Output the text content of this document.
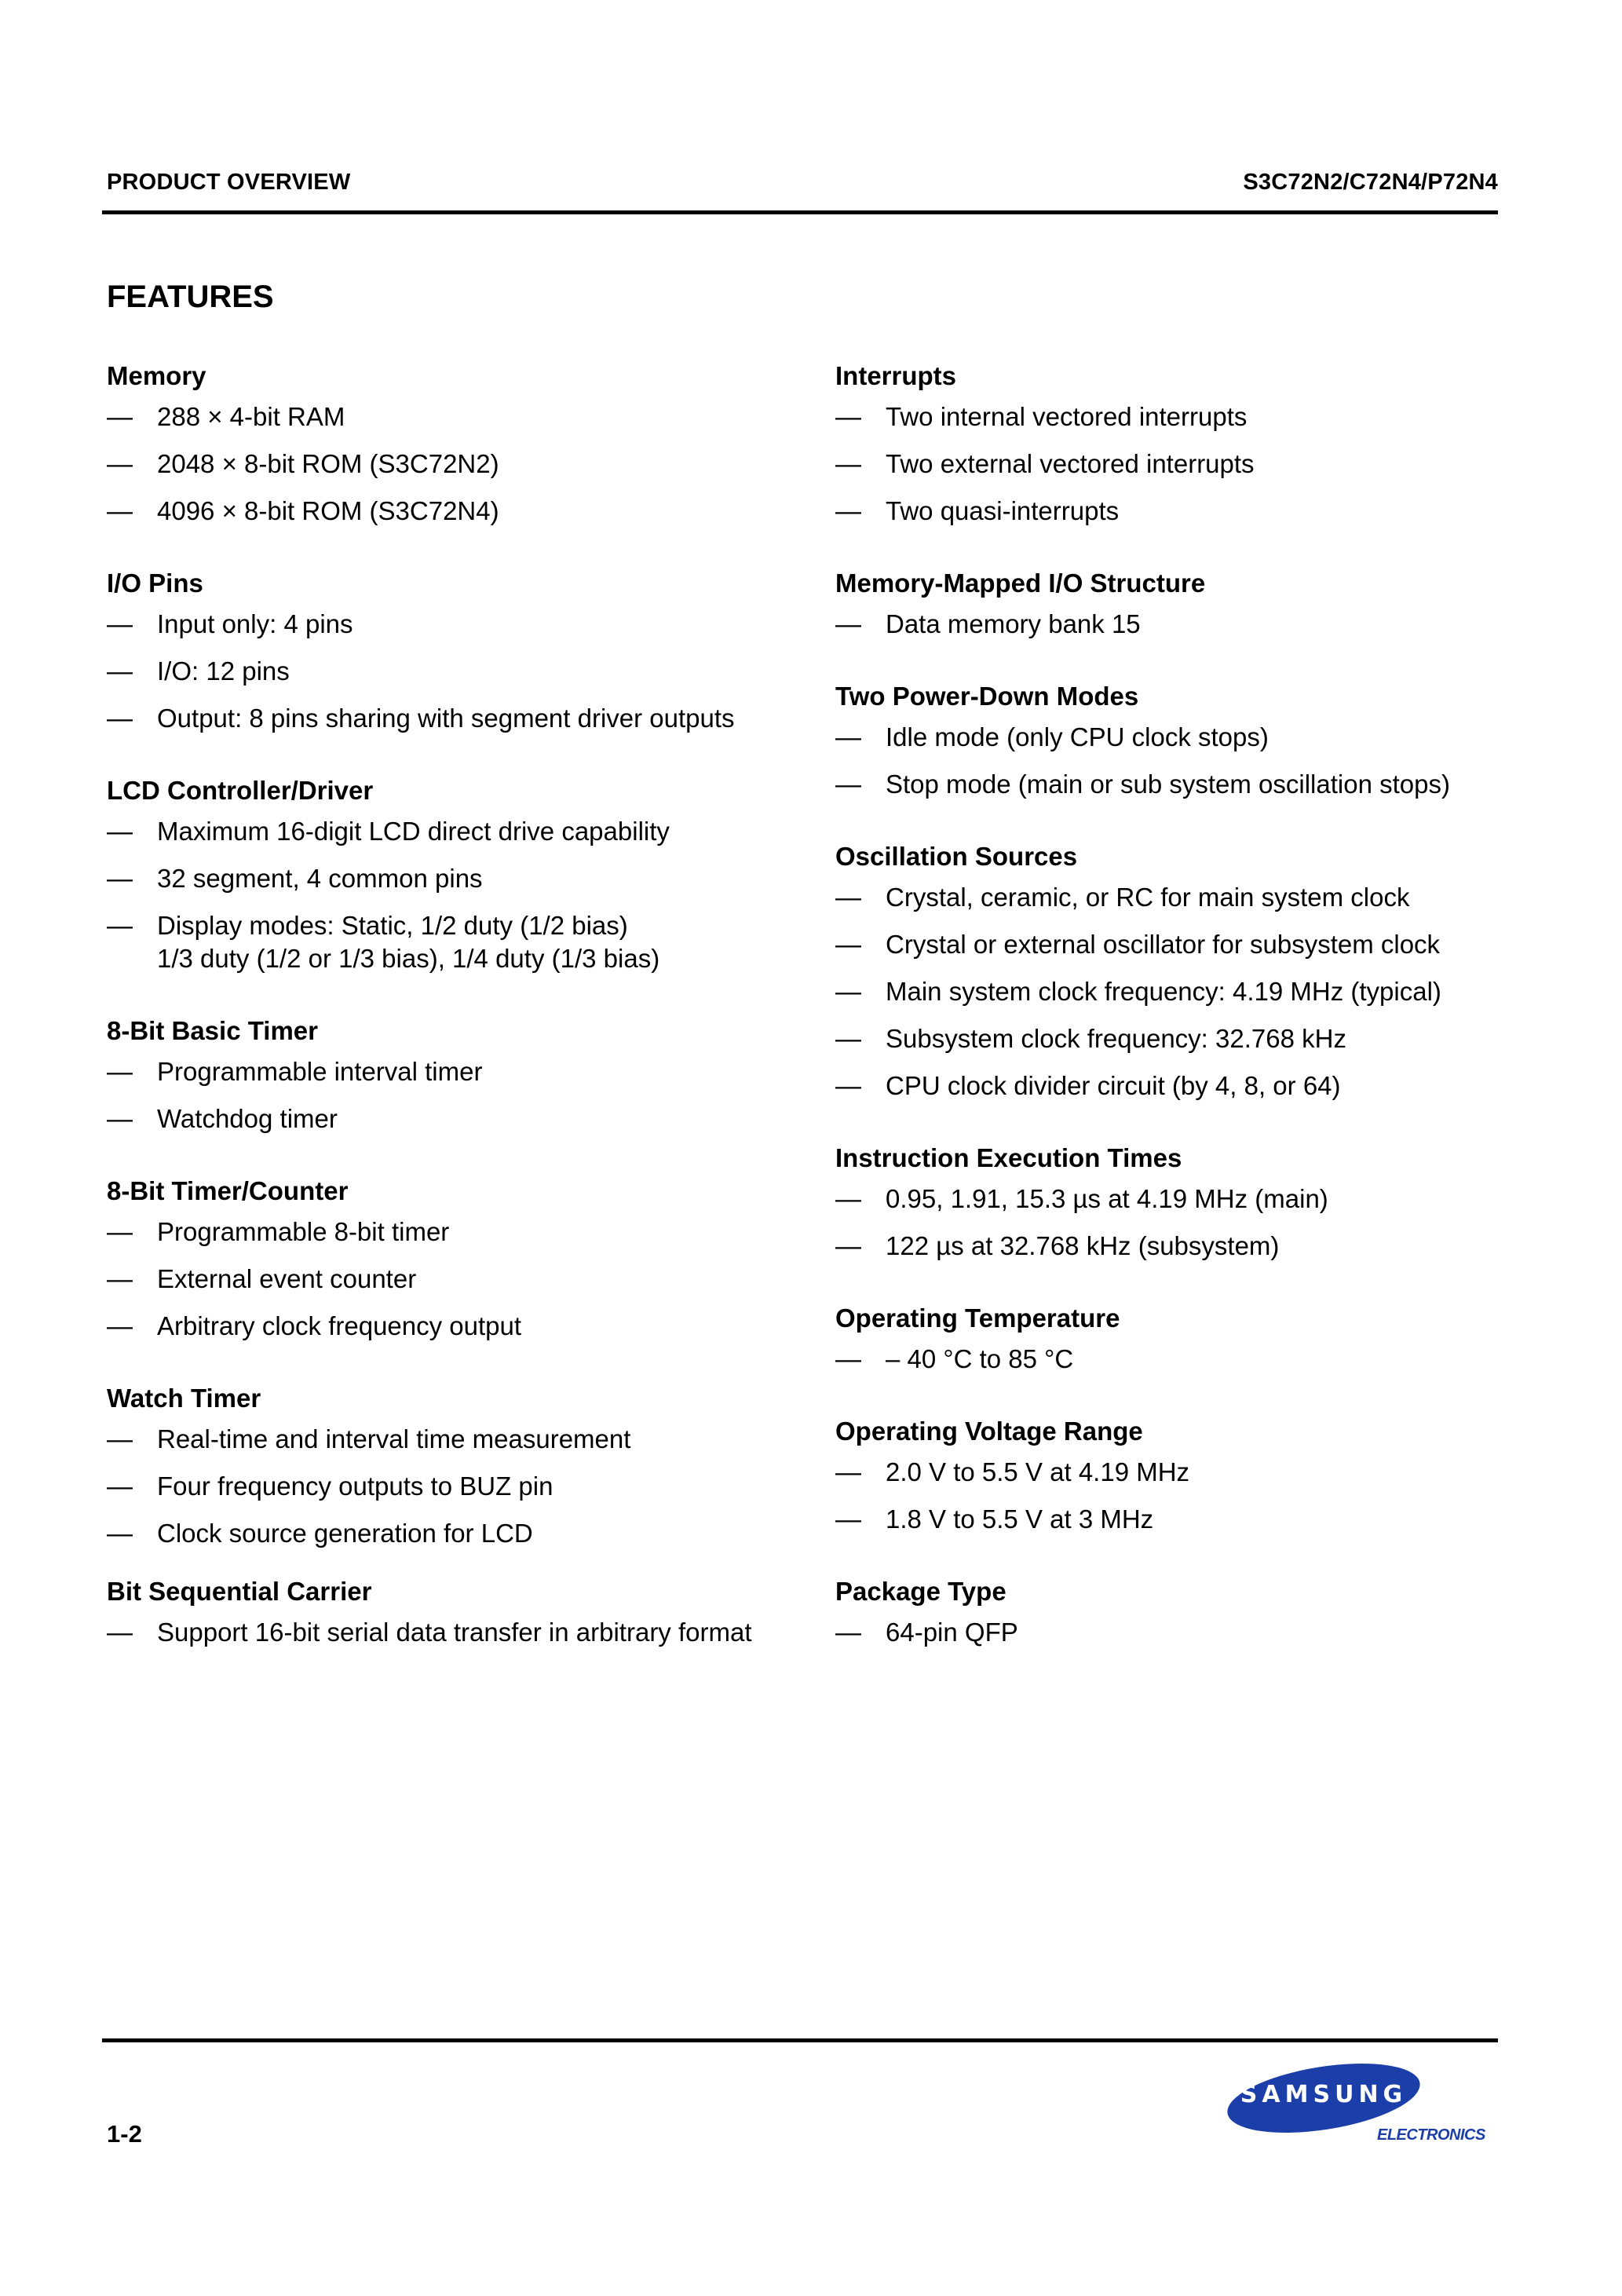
PRODUCT OVERVIEW	S3C72N2/C72N4/P72N4
FEATURES
Memory
— 288 × 4-bit RAM
— 2048 × 8-bit ROM (S3C72N2)
— 4096 × 8-bit ROM (S3C72N4)
I/O Pins
— Input only: 4 pins
— I/O: 12 pins
— Output: 8 pins sharing with segment driver outputs
LCD Controller/Driver
— Maximum 16-digit LCD direct drive capability
— 32 segment, 4 common pins
— Display modes: Static, 1/2 duty (1/2 bias)
1/3 duty (1/2 or 1/3 bias), 1/4 duty (1/3 bias)
8-Bit Basic Timer
— Programmable interval timer
— Watchdog timer
8-Bit Timer/Counter
— Programmable 8-bit timer
— External event counter
— Arbitrary clock frequency output
Watch Timer
— Real-time and interval time measurement
— Four frequency outputs to BUZ pin
— Clock source generation for LCD
Bit Sequential Carrier
— Support 16-bit serial data transfer in arbitrary format
Interrupts
— Two internal vectored interrupts
— Two external vectored interrupts
— Two quasi-interrupts
Memory-Mapped I/O Structure
— Data memory bank 15
Two Power-Down Modes
— Idle mode (only CPU clock stops)
— Stop mode (main or sub system oscillation stops)
Oscillation Sources
— Crystal, ceramic, or RC for main system clock
— Crystal or external oscillator for subsystem clock
— Main system clock frequency: 4.19 MHz (typical)
— Subsystem clock frequency: 32.768 kHz
— CPU clock divider circuit (by 4, 8, or 64)
Instruction Execution Times
— 0.95, 1.91, 15.3 µs at 4.19 MHz (main)
— 122 µs at 32.768 kHz (subsystem)
Operating Temperature
— – 40 °C to 85 °C
Operating Voltage Range
— 2.0 V to 5.5 V at 4.19 MHz
— 1.8 V to 5.5 V at 3 MHz
Package Type
— 64-pin QFP
1-2
SAMSUNG
ELECTRONICS
